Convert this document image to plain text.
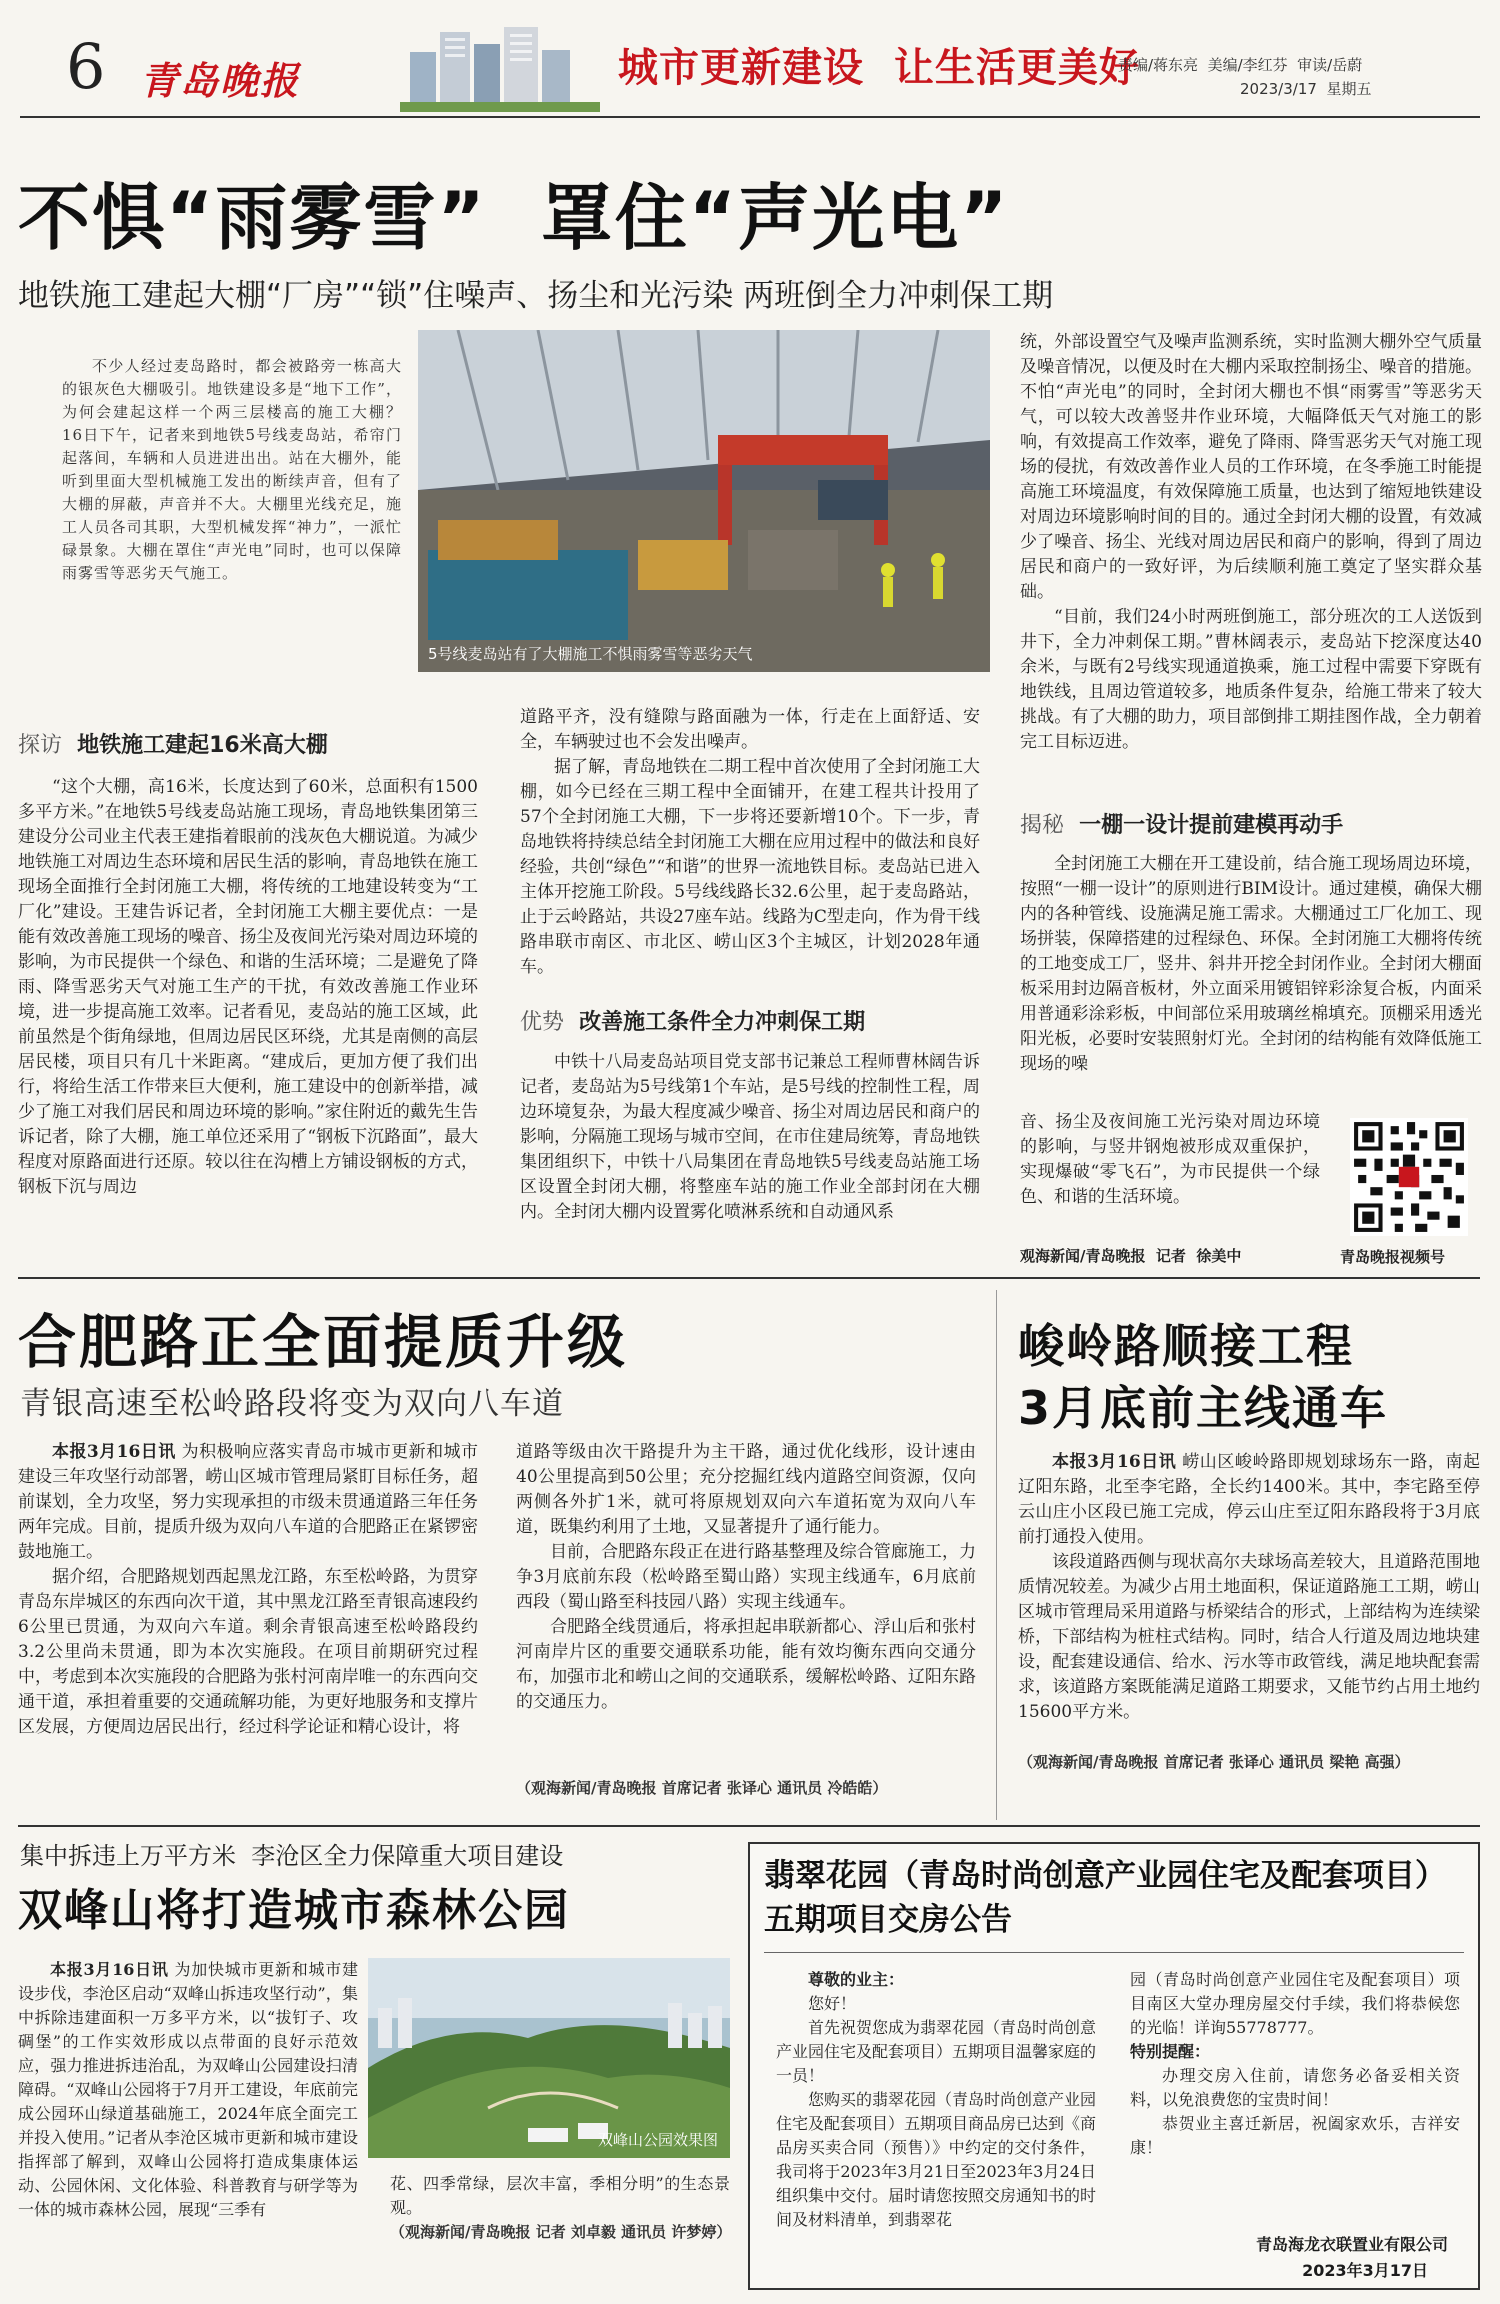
6 青岛晚报	城市更新建设  让生活更美好
责编/蒋东亮  美编/李红芬  审读/岳蔚
2023/3/17  星期五
不惧“雨雾雪”  罩住“声光电”
地铁施工建起大棚“厂房”“锁”住噪声、扬尘和光污染 两班倒全力冲刺保工期
不少人经过麦岛路时，都会被路旁一栋高大的银灰色大棚吸引。地铁建设多是“地下工作”，为何会建起这样一个两三层楼高的施工大棚？16日下午，记者来到地铁5号线麦岛站，希帘门起落间，车辆和人员进进出出。站在大棚外，能听到里面大型机械施工发出的断续声音，但有了大棚的屏蔽，声音并不大。大棚里光线充足，施工人员各司其职，大型机械发挥“神力”，一派忙碌景象。大棚在罩住“声光电”同时，也可以保障雨雾雪等恶劣天气施工。
5号线麦岛站有了大棚施工不惧雨雾雪等恶劣天气
探访 地铁施工建起16米高大棚

“这个大棚，高16米，长度达到了60米，总面积有1500多平方米。”在地铁5号线麦岛站施工现场，青岛地铁集团第三建设分公司业主代表王建指着眼前的浅灰色大棚说道。为减少地铁施工对周边生态环境和居民生活的影响，青岛地铁在施工现场全面推行全封闭施工大棚，将传统的工地建设转变为“工厂化”建设。王建告诉记者，全封闭施工大棚主要优点：一是能有效改善施工现场的噪音、扬尘及夜间光污染对周边环境的影响，为市民提供一个绿色、和谐的生活环境；二是避免了降雨、降雪恶劣天气对施工生产的干扰，有效改善施工作业环境，进一步提高施工效率。记者看见，麦岛站的施工区域，此前虽然是个街角绿地，但周边居民区环绕，尤其是南侧的高层居民楼，项目只有几十米距离。“建成后，更加方便了我们出行，将给生活工作带来巨大便利，施工建设中的创新举措，减少了施工对我们居民和周边环境的影响。”家住附近的戴先生告诉记者，除了大棚，施工单位还采用了“钢板下沉路面”，最大程度对原路面进行还原。较以往在沟槽上方铺设钢板的方式，钢板下沉与周边

道路平齐，没有缝隙与路面融为一体，行走在上面舒适、安全，车辆驶过也不会发出噪声。

据了解，青岛地铁在二期工程中首次使用了全封闭施工大棚，如今已经在三期工程中全面铺开，在建工程共计投用了57个全封闭施工大棚，下一步将还要新增10个。下一步，青岛地铁将持续总结全封闭施工大棚在应用过程中的做法和良好经验，共创“绿色”“和谐”的世界一流地铁目标。麦岛站已进入主体开挖施工阶段。5号线线路长32.6公里，起于麦岛路站，止于云岭路站，共设27座车站。线路为C型走向，作为骨干线路串联市南区、市北区、崂山区3个主城区，计划2028年通车。

优势 改善施工条件全力冲刺保工期

中铁十八局麦岛站项目党支部书记兼总工程师曹林阔告诉记者，麦岛站为5号线第1个车站，是5号线的控制性工程，周边环境复杂，为最大程度减少噪音、扬尘对周边居民和商户的影响，分隔施工现场与城市空间，在市住建局统筹，青岛地铁集团组织下，中铁十八局集团在青岛地铁5号线麦岛站施工场区设置全封闭大棚，将整座车站的施工作业全部封闭在大棚内。全封闭大棚内设置雾化喷淋系统和自动通风系

统，外部设置空气及噪声监测系统，实时监测大棚外空气质量及噪音情况，以便及时在大棚内采取控制扬尘、噪音的措施。不怕“声光电”的同时，全封闭大棚也不惧“雨雾雪”等恶劣天气，可以较大改善竖井作业环境，大幅降低天气对施工的影响，有效提高工作效率，避免了降雨、降雪恶劣天气对施工现场的侵扰，有效改善作业人员的工作环境，在冬季施工时能提高施工环境温度，有效保障施工质量，也达到了缩短地铁建设对周边环境影响时间的目的。通过全封闭大棚的设置，有效减少了噪音、扬尘、光线对周边居民和商户的影响，得到了周边居民和商户的一致好评，为后续顺利施工奠定了坚实群众基础。

“目前，我们24小时两班倒施工，部分班次的工人送饭到井下，全力冲刺保工期。”曹林阔表示，麦岛站下挖深度达40余米，与既有2号线实现通道换乘，施工过程中需要下穿既有地铁线，且周边管道较多，地质条件复杂，给施工带来了较大挑战。有了大棚的助力，项目部倒排工期挂图作战，全力朝着完工目标迈进。

揭秘 一棚一设计提前建模再动手

全封闭施工大棚在开工建设前，结合施工现场周边环境，按照“一棚一设计”的原则进行BIM设计。通过建模，确保大棚内的各种管线、设施满足施工需求。大棚通过工厂化加工、现场拼装，保障搭建的过程绿色、环保。全封闭施工大棚将传统的工地变成工厂，竖井、斜井开挖全封闭作业。全封闭大棚面板采用封边隔音板材，外立面采用镀铝锌彩涂复合板，内面采用普通彩涂彩板，中间部位采用玻璃丝棉填充。顶棚采用透光阳光板，必要时安装照射灯光。全封闭的结构能有效降低施工现场的噪

音、扬尘及夜间施工光污染对周边环境的影响，与竖井钢炮被形成双重保护，实现爆破“零飞石”，为市民提供一个绿色、和谐的生活环境。

观海新闻/青岛晚报  记者  徐美中	青岛晚报视频号
合肥路正全面提质升级
青银高速至松岭路段将变为双向八车道

本报3月16日讯 为积极响应落实青岛市城市更新和城市建设三年攻坚行动部署，崂山区城市管理局紧盯目标任务，超前谋划，全力攻坚，努力实现承担的市级未贯通道路三年任务两年完成。目前，提质升级为双向八车道的合肥路正在紧锣密鼓地施工。

据介绍，合肥路规划西起黑龙江路，东至松岭路，为贯穿青岛东岸城区的东西向次干道，其中黑龙江路至青银高速段约6公里已贯通，为双向六车道。剩余青银高速至松岭路段约3.2公里尚未贯通，即为本次实施段。在项目前期研究过程中，考虑到本次实施段的合肥路为张村河南岸唯一的东西向交通干道，承担着重要的交通疏解功能，为更好地服务和支撑片区发展，方便周边居民出行，经过科学论证和精心设计，将

道路等级由次干路提升为主干路，通过优化线形，设计速由40公里提高到50公里；充分挖掘红线内道路空间资源，仅向两侧各外扩1米，就可将原规划双向六车道拓宽为双向八车道，既集约利用了土地，又显著提升了通行能力。

目前，合肥路东段正在进行路基整理及综合管廊施工，力争3月底前东段（松岭路至蜀山路）实现主线通车，6月底前西段（蜀山路至科技园八路）实现主线通车。

合肥路全线贯通后，将承担起串联新都心、浮山后和张村河南岸片区的重要交通联系功能，能有效均衡东西向交通分布，加强市北和崂山之间的交通联系，缓解松岭路、辽阳东路的交通压力。

（观海新闻/青岛晚报 首席记者 张译心 通讯员 冷皓皓）
峻岭路顺接工程
3月底前主线通车

本报3月16日讯 崂山区峻岭路即规划球场东一路，南起辽阳东路，北至李宅路，全长约1400米。其中，李宅路至停云山庄小区段已施工完成，停云山庄至辽阳东路段将于3月底前打通投入使用。

该段道路西侧与现状高尔夫球场高差较大，且道路范围地质情况较差。为减少占用土地面积，保证道路施工工期，崂山区城市管理局采用道路与桥梁结合的形式，上部结构为连续梁桥，下部结构为桩柱式结构。同时，结合人行道及周边地块建设，配套建设通信、给水、污水等市政管线，满足地块配套需求，该道路方案既能满足道路工期要求，又能节约占用土地约15600平方米。

（观海新闻/青岛晚报 首席记者 张译心 通讯员 梁艳 高强）
集中拆违上万平方米  李沧区全力保障重大项目建设
双峰山将打造城市森林公园

本报3月16日讯 为加快城市更新和城市建设步伐，李沧区启动“双峰山拆违攻坚行动”，集中拆除违建面积一万多平方米，以“拔钉子、攻碉堡”的工作实效形成以点带面的良好示范效应，强力推进拆违治乱，为双峰山公园建设扫清障碍。“双峰山公园将于7月开工建设，年底前完成公园环山绿道基础施工，2024年底全面完工并投入使用。”记者从李沧区城市更新和城市建设指挥部了解到，双峰山公园将打造成集康体运动、公园休闲、文化体验、科普教育与研学等为一体的城市森林公园，展现“三季有

双峰山公园效果图

花、四季常绿，层次丰富，季相分明”的生态景观。

（观海新闻/青岛晚报 记者 刘卓毅 通讯员 许梦婷）
翡翠花园（青岛时尚创意产业园住宅及配套项目）五期项目交房公告

尊敬的业主：

您好！

首先祝贺您成为翡翠花园（青岛时尚创意产业园住宅及配套项目）五期项目温馨家庭的一员！

您购买的翡翠花园（青岛时尚创意产业园住宅及配套项目）五期项目商品房已达到《商品房买卖合同（预售）》中约定的交付条件，我司将于2023年3月21日至2023年3月24日组织集中交付。届时请您按照交房通知书的时间及材料清单，到翡翠花

园（青岛时尚创意产业园住宅及配套项目）项目南区大堂办理房屋交付手续，我们将恭候您的光临！详询55778777。

特别提醒：

办理交房入住前，请您务必备妥相关资料，以免浪费您的宝贵时间！

恭贺业主喜迁新居，祝阖家欢乐，吉祥安康！

青岛海龙衣联置业有限公司
2023年3月17日
